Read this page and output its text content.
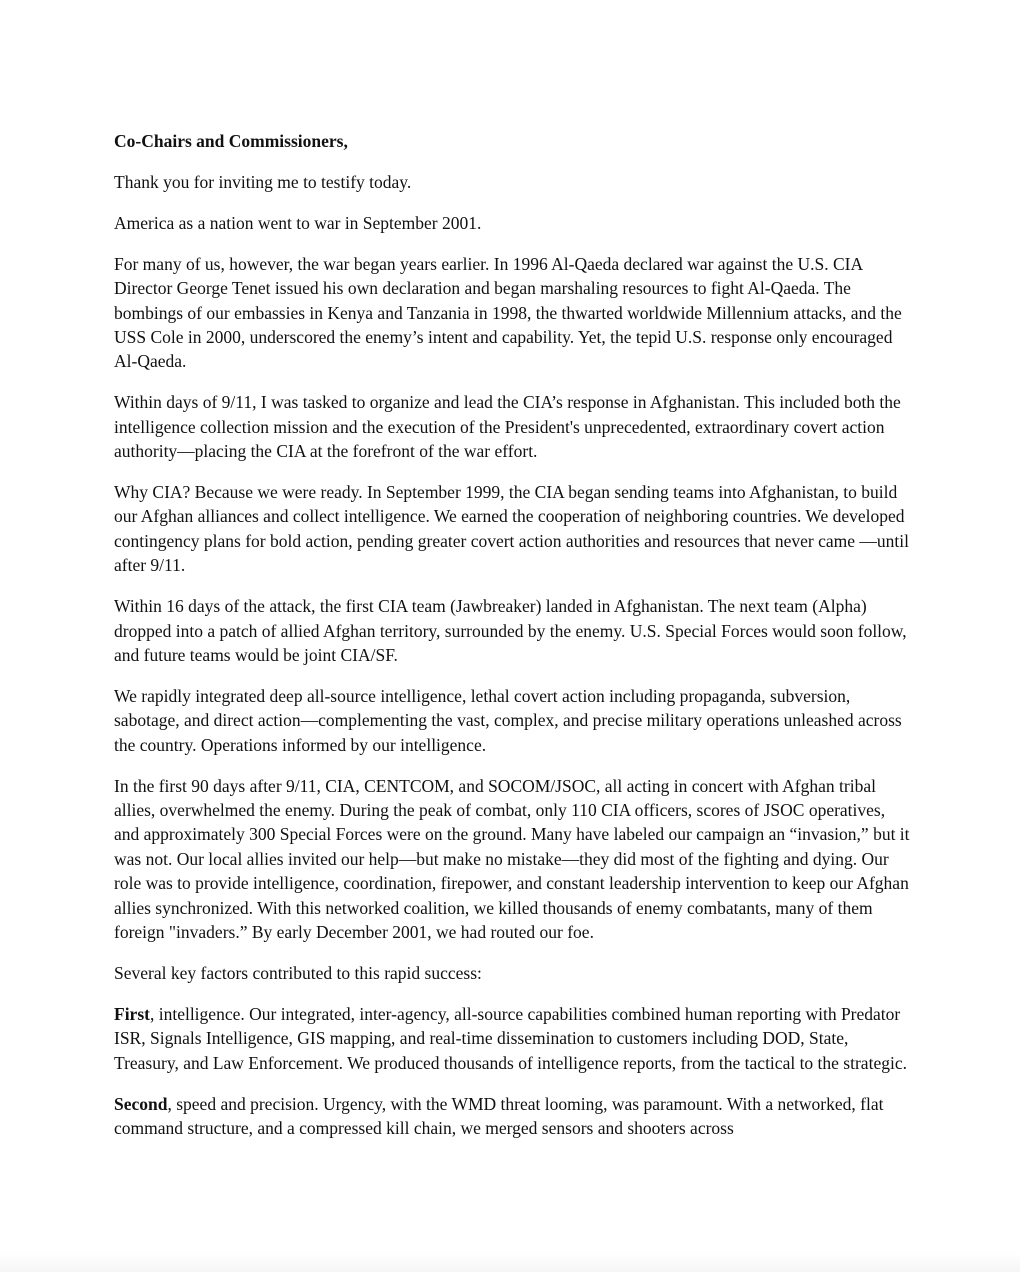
Co-Chairs and Commissioners,

Thank you for inviting me to testify today.

America as a nation went to war in September 2001.

For many of us, however, the war began years earlier. In 1996 Al-Qaeda declared war against the U.S. CIA Director George Tenet issued his own declaration and began marshaling resources to fight Al-Qaeda. The bombings of our embassies in Kenya and Tanzania in 1998, the thwarted worldwide Millennium attacks, and the USS Cole in 2000, underscored the enemy’s intent and capability. Yet, the tepid U.S. response only encouraged Al-Qaeda.

Within days of 9/11, I was tasked to organize and lead the CIA’s response in Afghanistan. This included both the intelligence collection mission and the execution of the President's unprecedented, extraordinary covert action authority—placing the CIA at the forefront of the war effort.

Why CIA? Because we were ready. In September 1999, the CIA began sending teams into Afghanistan, to build our Afghan alliances and collect intelligence. We earned the cooperation of neighboring countries. We developed contingency plans for bold action, pending greater covert action authorities and resources that never came —until after 9/11.

Within 16 days of the attack, the first CIA team (Jawbreaker) landed in Afghanistan. The next team (Alpha) dropped into a patch of allied Afghan territory, surrounded by the enemy. U.S. Special Forces would soon follow, and future teams would be joint CIA/SF.

We rapidly integrated deep all-source intelligence, lethal covert action including propaganda, subversion, sabotage, and direct action—complementing the vast, complex, and precise military operations unleashed across the country. Operations informed by our intelligence.

In the first 90 days after 9/11, CIA, CENTCOM, and SOCOM/JSOC, all acting in concert with Afghan tribal allies, overwhelmed the enemy. During the peak of combat, only 110 CIA officers, scores of JSOC operatives, and approximately 300 Special Forces were on the ground. Many have labeled our campaign an “invasion,” but it was not. Our local allies invited our help—but make no mistake—they did most of the fighting and dying. Our role was to provide intelligence, coordination, firepower, and constant leadership intervention to keep our Afghan allies synchronized. With this networked coalition, we killed thousands of enemy combatants, many of them foreign "invaders.” By early December 2001, we had routed our foe.

Several key factors contributed to this rapid success:

First, intelligence. Our integrated, inter-agency, all-source capabilities combined human reporting with Predator ISR, Signals Intelligence, GIS mapping, and real-time dissemination to customers including DOD, State, Treasury, and Law Enforcement. We produced thousands of intelligence reports, from the tactical to the strategic.

Second, speed and precision. Urgency, with the WMD threat looming, was paramount. With a networked, flat command structure, and a compressed kill chain, we merged sensors and shooters across
